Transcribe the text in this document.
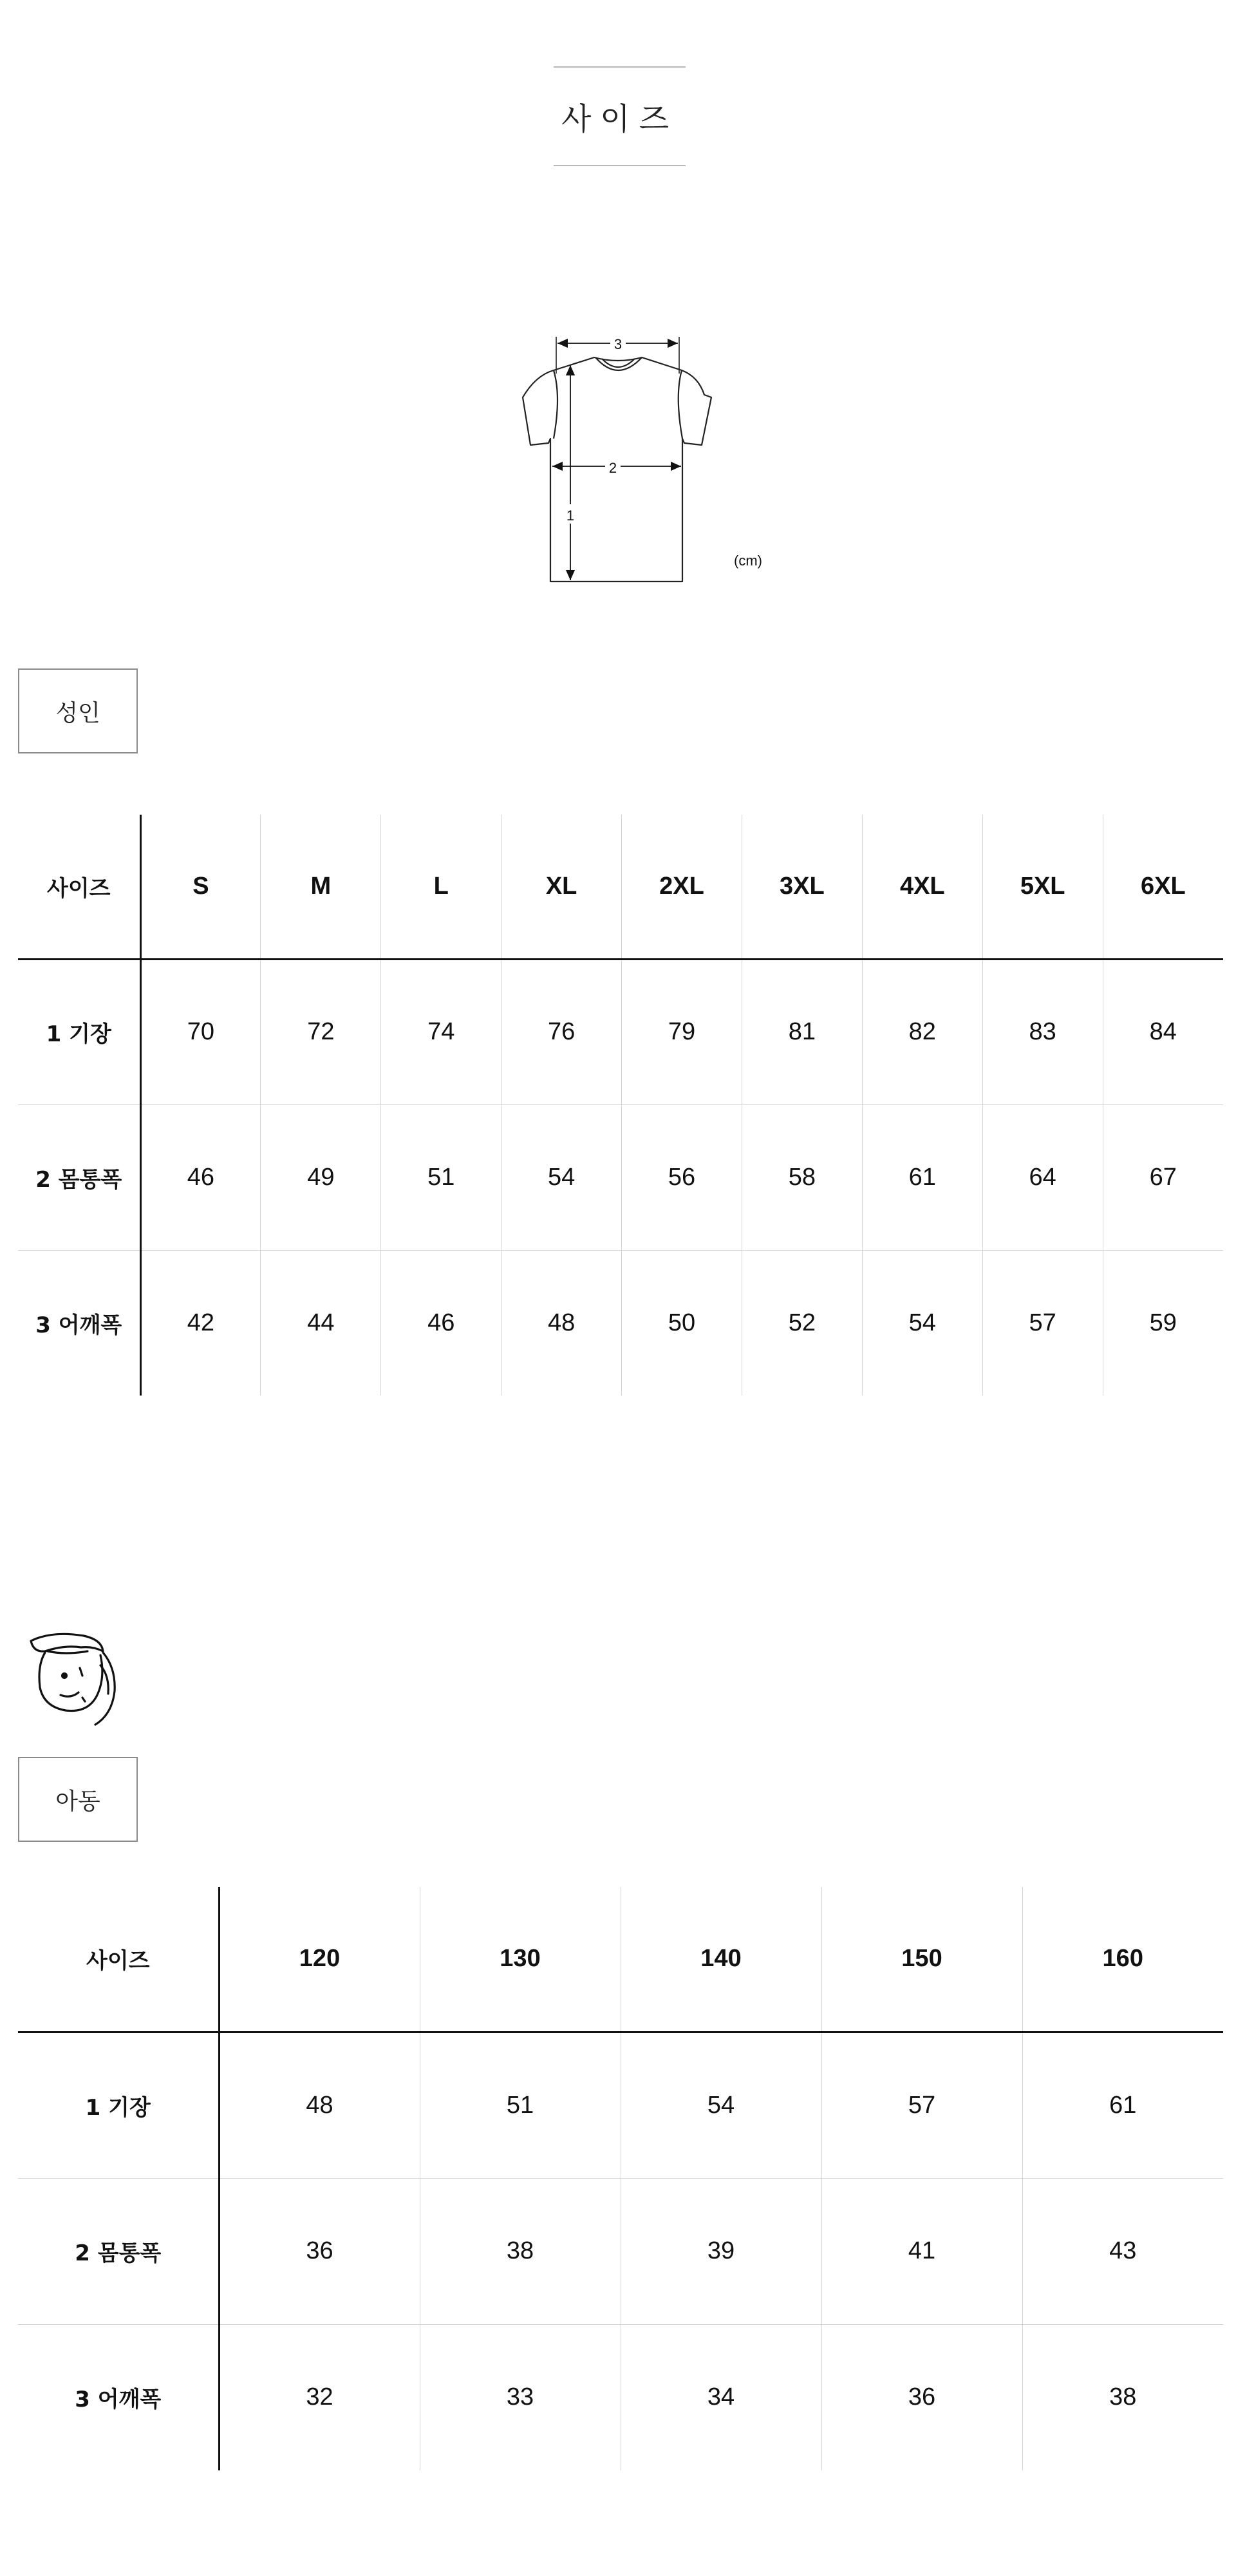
사이즈
3
2
1
(cm)
성인
사이즈	S	M	L	XL	2XL	3XL	4XL	5XL	6XL
1 기장	70	72	74	76	79	81	82	83	84
2 몸통폭	46	49	51	54	56	58	61	64	67
3 어깨폭	42	44	46	48	50	52	54	57	59
아동
사이즈	120	130	140	150	160
1 기장	48	51	54	57	61
2 몸통폭	36	38	39	41	43
3 어깨폭	32	33	34	36	38
